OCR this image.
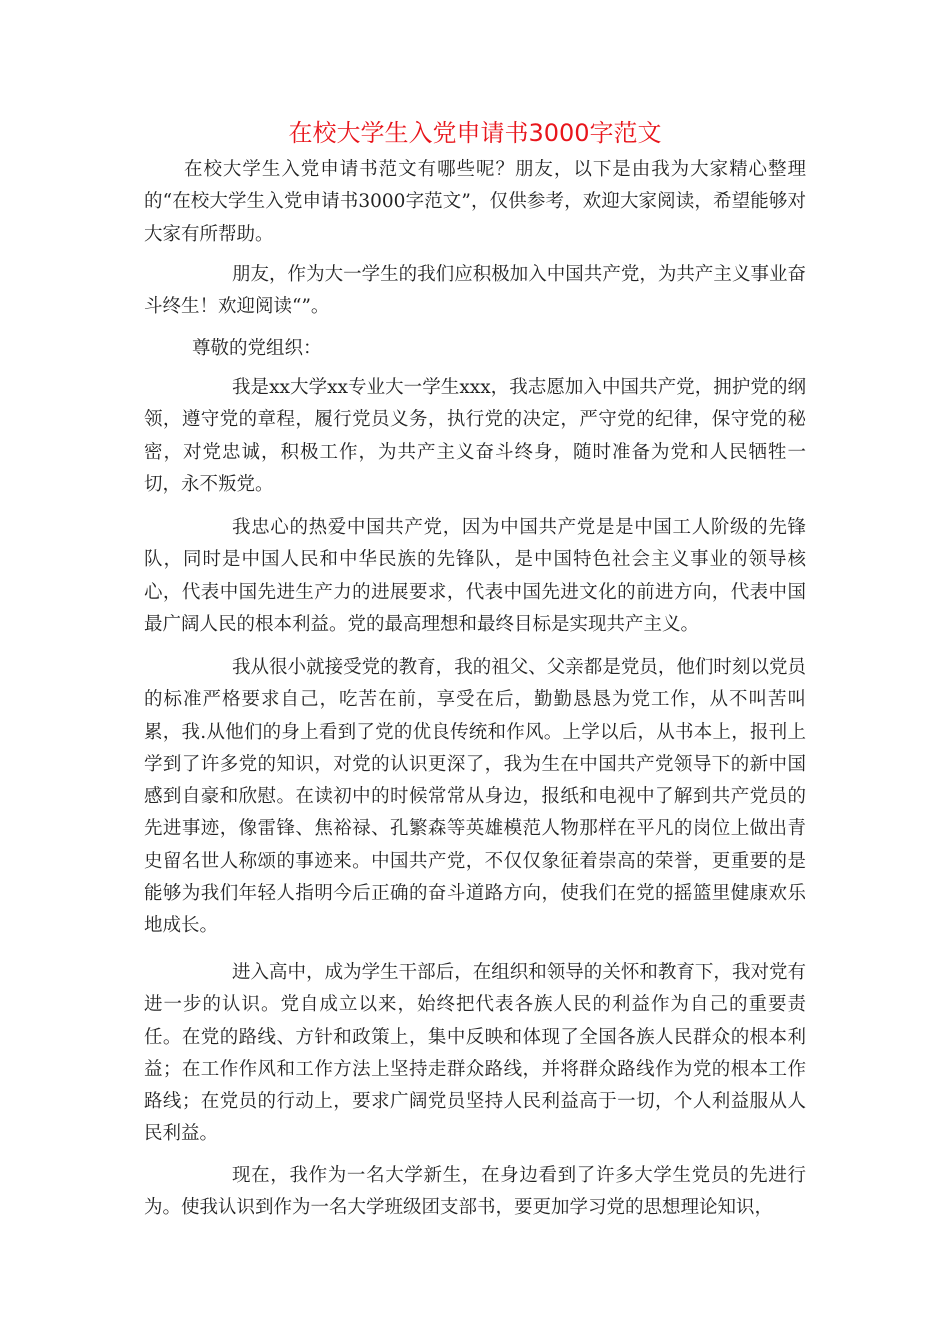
在校大学生入党申请书3000字范文

在校大学生入党申请书范文有哪些呢？朋友，以下是由我为大家精心整理的“在校大学生入党申请书3000字范文”，仅供参考，欢迎大家阅读，希望能够对大家有所帮助。

朋友，作为大一学生的我们应积极加入中国共产党，为共产主义事业奋斗终生！欢迎阅读“”。

尊敬的党组织：

我是xx大学xx专业大一学生xxx，我志愿加入中国共产党，拥护党的纲领，遵守党的章程，履行党员义务，执行党的决定，严守党的纪律，保守党的秘密，对党忠诚，积极工作，为共产主义奋斗终身，随时准备为党和人民牺牲一切，永不叛党。

我忠心的热爱中国共产党，因为中国共产党是是中国工人阶级的先锋队，同时是中国人民和中华民族的先锋队，是中国特色社会主义事业的领导核心，代表中国先进生产力的进展要求，代表中国先进文化的前进方向，代表中国最广阔人民的根本利益。党的最高理想和最终目标是实现共产主义。

我从很小就接受党的教育，我的祖父、父亲都是党员，他们时刻以党员的标准严格要求自己，吃苦在前，享受在后，勤勤恳恳为党工作，从不叫苦叫累，我.从他们的身上看到了党的优良传统和作风。上学以后，从书本上，报刊上学到了许多党的知识，对党的认识更深了，我为生在中国共产党领导下的新中国感到自豪和欣慰。在读初中的时候常常从身边，报纸和电视中了解到共产党员的先进事迹，像雷锋、焦裕禄、孔繁森等英雄模范人物那样在平凡的岗位上做出青史留名世人称颂的事迹来。中国共产党，不仅仅象征着崇高的荣誉，更重要的是能够为我们年轻人指明今后正确的奋斗道路方向，使我们在党的摇篮里健康欢乐地成长。

进入高中，成为学生干部后，在组织和领导的关怀和教育下，我对党有进一步的认识。党自成立以来，始终把代表各族人民的利益作为自己的重要责任。在党的路线、方针和政策上，集中反映和体现了全国各族人民群众的根本利益；在工作作风和工作方法上坚持走群众路线，并将群众路线作为党的根本工作路线；在党员的行动上，要求广阔党员坚持人民利益高于一切，个人利益服从人民利益。

现在，我作为一名大学新生，在身边看到了许多大学生党员的先进行为。使我认识到作为一名大学班级团支部书，要更加学习党的思想理论知识，
